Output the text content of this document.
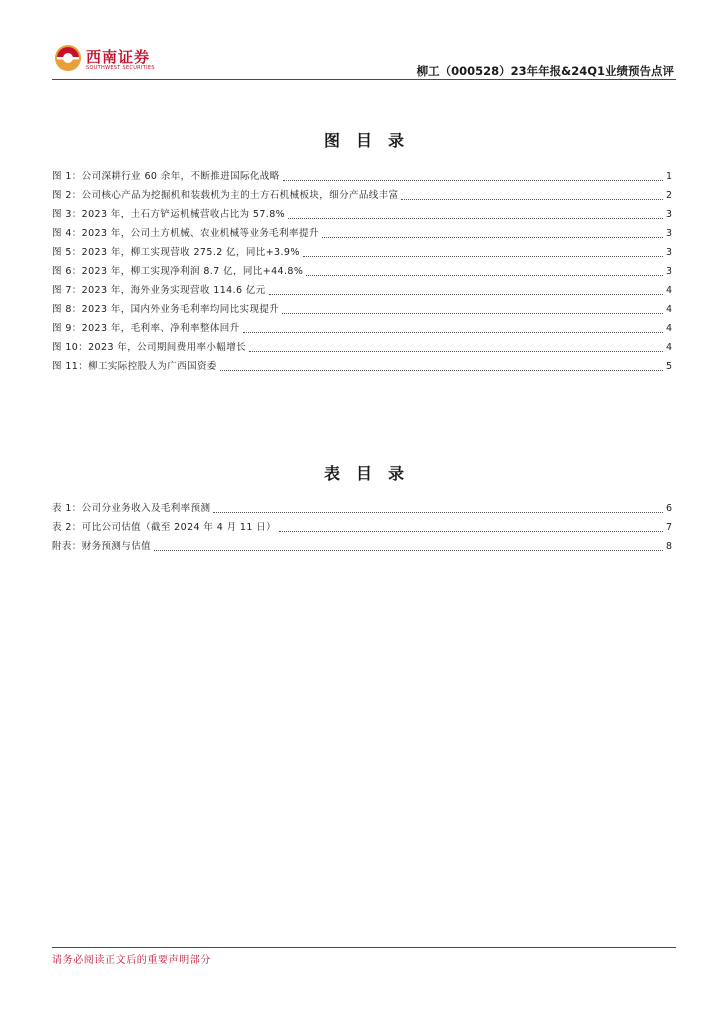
西南证券
SOUTHWEST SECURITIES	柳工（000528）23年年报&24Q1业绩预告点评
图目录
图 1：公司深耕行业 60 余年，不断推进国际化战略	1
图 2：公司核心产品为挖掘机和装载机为主的土方石机械板块，细分产品线丰富	2
图 3：2023 年，土石方铲运机械营收占比为 57.8%	3
图 4：2023 年，公司土方机械、农业机械等业务毛利率提升	3
图 5：2023 年，柳工实现营收 275.2 亿，同比+3.9%	3
图 6：2023 年，柳工实现净利润 8.7 亿，同比+44.8%	3
图 7：2023 年，海外业务实现营收 114.6 亿元	4
图 8：2023 年，国内外业务毛利率均同比实现提升	4
图 9：2023 年，毛利率、净利率整体回升	4
图 10：2023 年，公司期间费用率小幅增长	4
图 11：柳工实际控股人为广西国资委	5
表目录
表 1：公司分业务收入及毛利率预测	6
表 2：可比公司估值（截至 2024 年 4 月 11 日）	7
附表：财务预测与估值	8
请务必阅读正文后的重要声明部分
